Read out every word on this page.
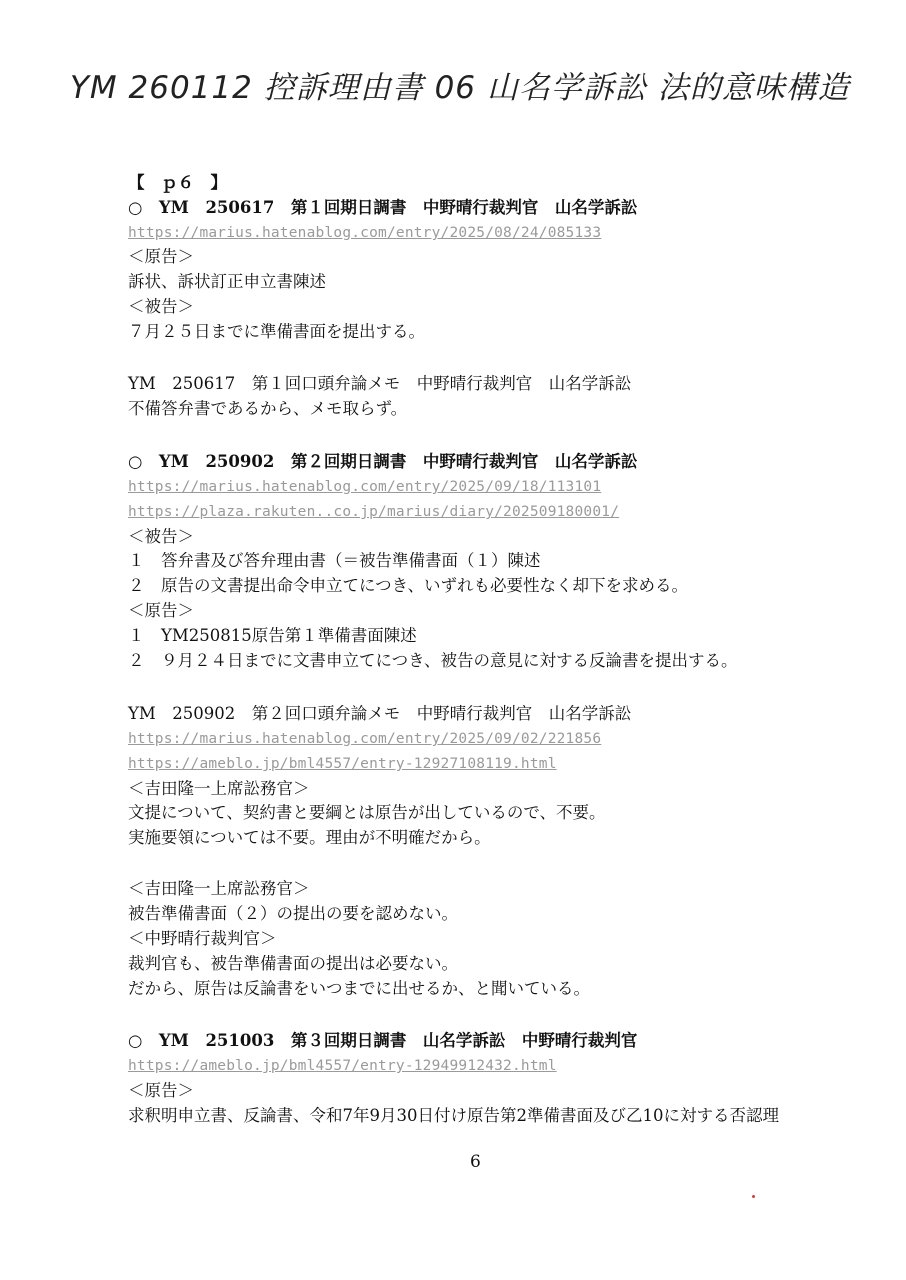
YM 260112 控訴理由書 06 山名学訴訟 法的意味構造
【　ｐ６　】
○　YM　250617　第１回期日調書　中野晴行裁判官　山名学訴訟
https://marius.hatenablog.com/entry/2025/08/24/085133
＜原告＞
訴状、訴状訂正申立書陳述
＜被告＞
７月２５日までに準備書面を提出する。
YM　250617　第１回口頭弁論メモ　中野晴行裁判官　山名学訴訟
不備答弁書であるから、メモ取らず。
○　YM　250902　第２回期日調書　中野晴行裁判官　山名学訴訟
https://marius.hatenablog.com/entry/2025/09/18/113101
https://plaza.rakuten..co.jp/marius/diary/202509180001/
＜被告＞
１　答弁書及び答弁理由書（＝被告準備書面（１）陳述
２　原告の文書提出命令申立てにつき、いずれも必要性なく却下を求める。
＜原告＞
１　YM250815原告第１準備書面陳述
２　９月２４日までに文書申立てにつき、被告の意見に対する反論書を提出する。
YM　250902　第２回口頭弁論メモ　中野晴行裁判官　山名学訴訟
https://marius.hatenablog.com/entry/2025/09/02/221856
https://ameblo.jp/bml4557/entry-12927108119.html
＜吉田隆一上席訟務官＞
文提について、契約書と要綱とは原告が出しているので、不要。
実施要領については不要。理由が不明確だから。
＜吉田隆一上席訟務官＞
被告準備書面（２）の提出の要を認めない。
＜中野晴行裁判官＞
裁判官も、被告準備書面の提出は必要ない。
だから、原告は反論書をいつまでに出せるか、と聞いている。
○　YM　251003　第３回期日調書　山名学訴訟　中野晴行裁判官
https://ameblo.jp/bml4557/entry-12949912432.html
＜原告＞
求釈明申立書、反論書、令和7年9月30日付け原告第2準備書面及び乙10に対する否認理
6
